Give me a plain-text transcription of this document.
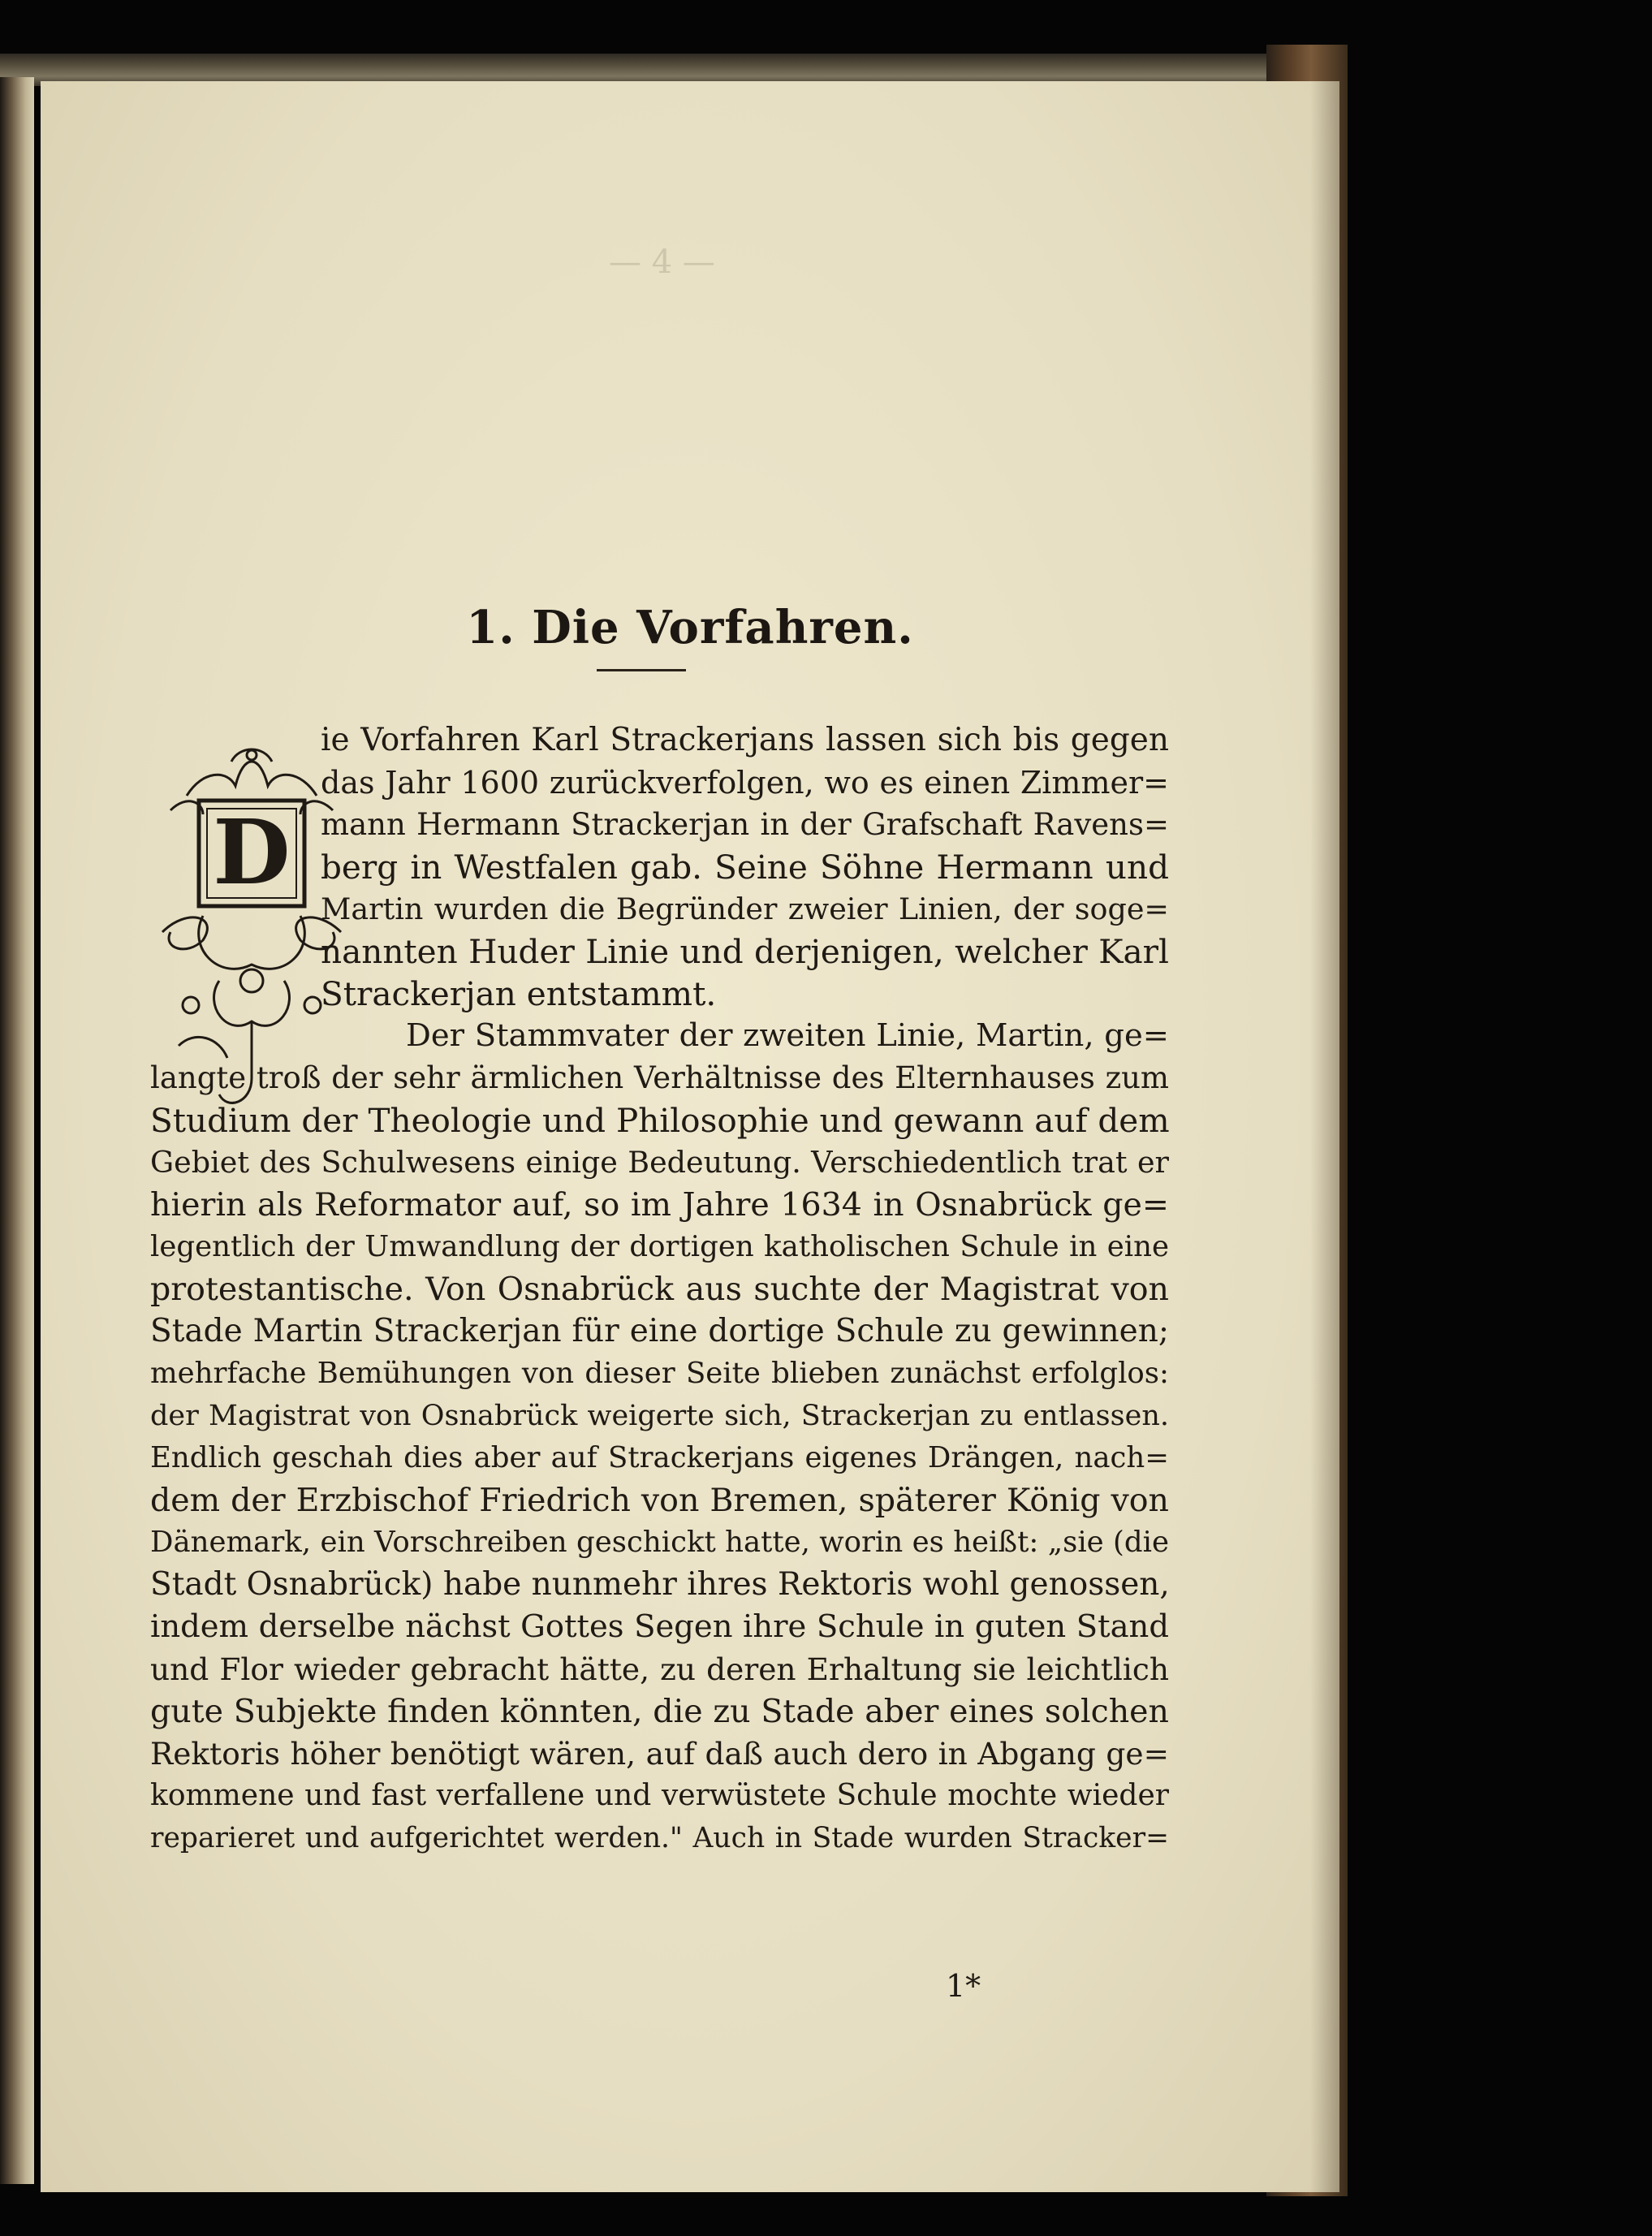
— 4 —
1. Die Vorfahren.
D
ie Vorfahren Karl Strackerjans lassen sich bis gegen
das Jahr 1600 zurückverfolgen, wo es einen Zimmer=
mann Hermann Strackerjan in der Grafschaft Ravens=
berg in Westfalen gab. Seine Söhne Hermann und
Martin wurden die Begründer zweier Linien, der soge=
nannten Huder Linie und derjenigen, welcher Karl
Strackerjan entstammt.
Der Stammvater der zweiten Linie, Martin, ge=
langte troß der sehr ärmlichen Verhältnisse des Elternhauses zum
Studium der Theologie und Philosophie und gewann auf dem
Gebiet des Schulwesens einige Bedeutung. Verschiedentlich trat er
hierin als Reformator auf, so im Jahre 1634 in Osnabrück ge=
legentlich der Umwandlung der dortigen katholischen Schule in eine
protestantische. Von Osnabrück aus suchte der Magistrat von
Stade Martin Strackerjan für eine dortige Schule zu gewinnen;
mehrfache Bemühungen von dieser Seite blieben zunächst erfolglos:
der Magistrat von Osnabrück weigerte sich, Strackerjan zu entlassen.
Endlich geschah dies aber auf Strackerjans eigenes Drängen, nach=
dem der Erzbischof Friedrich von Bremen, späterer König von
Dänemark, ein Vorschreiben geschickt hatte, worin es heißt: „sie (die
Stadt Osnabrück) habe nunmehr ihres Rektoris wohl genossen,
indem derselbe nächst Gottes Segen ihre Schule in guten Stand
und Flor wieder gebracht hätte, zu deren Erhaltung sie leichtlich
gute Subjekte finden könnten, die zu Stade aber eines solchen
Rektoris höher benötigt wären, auf daß auch dero in Abgang ge=
kommene und fast verfallene und verwüstete Schule mochte wieder
reparieret und aufgerichtet werden." Auch in Stade wurden Stracker=
1*
